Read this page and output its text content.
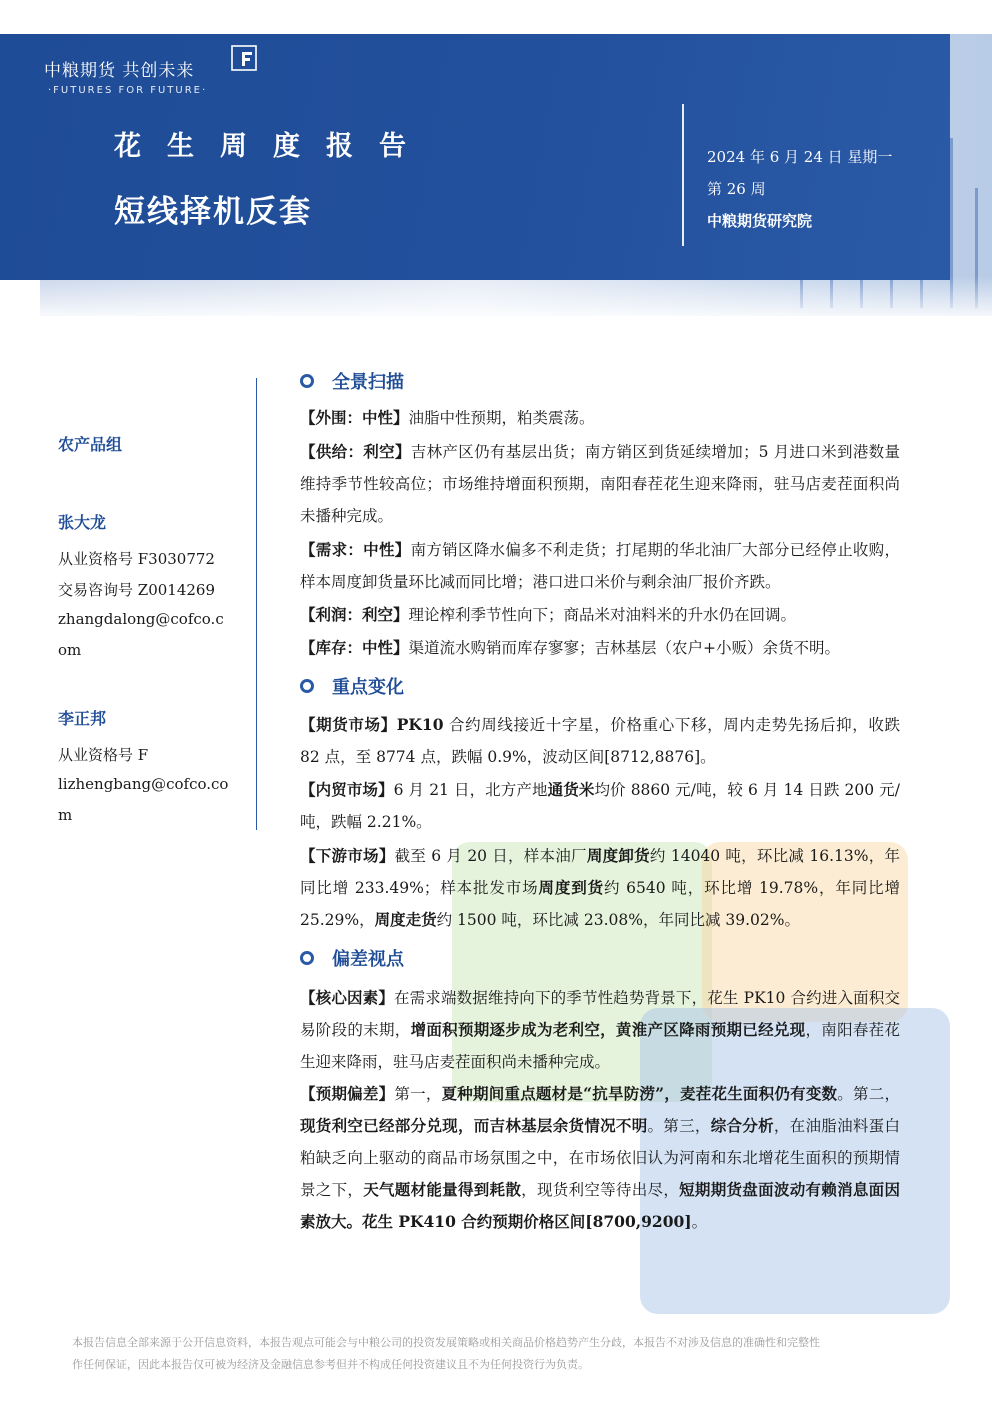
中粮期货 共创未来
·FUTURES FOR FUTURE·
花生周度报告
短线择机反套
2024 年 6 月 24 日 星期一
第 26 周
中粮期货研究院
农产品组
张大龙
从业资格号 F3030772
交易咨询号 Z0014269
zhangdalong@cofco.c
om
李正邦
从业资格号 F
lizhengbang@cofco.co
m
全景扫描
【外围：中性】油脂中性预期，粕类震荡。
【供给：利空】吉林产区仍有基层出货；南方销区到货延续增加；5 月进口米到港数量维持季节性较高位；市场维持增面积预期，南阳春茬花生迎来降雨，驻马店麦茬面积尚未播种完成。
【需求：中性】南方销区降水偏多不利走货；打尾期的华北油厂大部分已经停止收购，样本周度卸货量环比减而同比增；港口进口米价与剩余油厂报价齐跌。
【利润：利空】理论榨利季节性向下；商品米对油料米的升水仍在回调。
【库存：中性】渠道流水购销而库存寥寥；吉林基层（农户+小贩）余货不明。
重点变化
【期货市场】PK10 合约周线接近十字星，价格重心下移，周内走势先扬后抑，收跌 82 点，至 8774 点，跌幅 0.9%，波动区间[8712,8876]。
【内贸市场】6 月 21 日，北方产地通货米均价 8860 元/吨，较 6 月 14 日跌 200 元/吨，跌幅 2.21%。
【下游市场】截至 6 月 20 日，样本油厂周度卸货约 14040 吨，环比减 16.13%，年同比增 233.49%；样本批发市场周度到货约 6540 吨，环比增 19.78%，年同比增 25.29%，周度走货约 1500 吨，环比减 23.08%，年同比减 39.02%。
偏差视点
【核心因素】在需求端数据维持向下的季节性趋势背景下，花生 PK10 合约进入面积交易阶段的末期，增面积预期逐步成为老利空，黄淮产区降雨预期已经兑现，南阳春茬花生迎来降雨，驻马店麦茬面积尚未播种完成。
【预期偏差】第一，夏种期间重点题材是“抗旱防涝”，麦茬花生面积仍有变数。第二，现货利空已经部分兑现，而吉林基层余货情况不明。第三，综合分析，在油脂油料蛋白粕缺乏向上驱动的商品市场氛围之中，在市场依旧认为河南和东北增花生面积的预期情景之下，天气题材能量得到耗散，现货利空等待出尽，短期期货盘面波动有赖消息面因素放大。花生 PK410 合约预期价格区间[8700,9200]。
本报告信息全部来源于公开信息资料，本报告观点可能会与中粮公司的投资发展策略或相关商品价格趋势产生分歧，本报告不对涉及信息的准确性和完整性
作任何保证，因此本报告仅可被为经济及金融信息参考但并不构成任何投资建议且不为任何投资行为负责。
